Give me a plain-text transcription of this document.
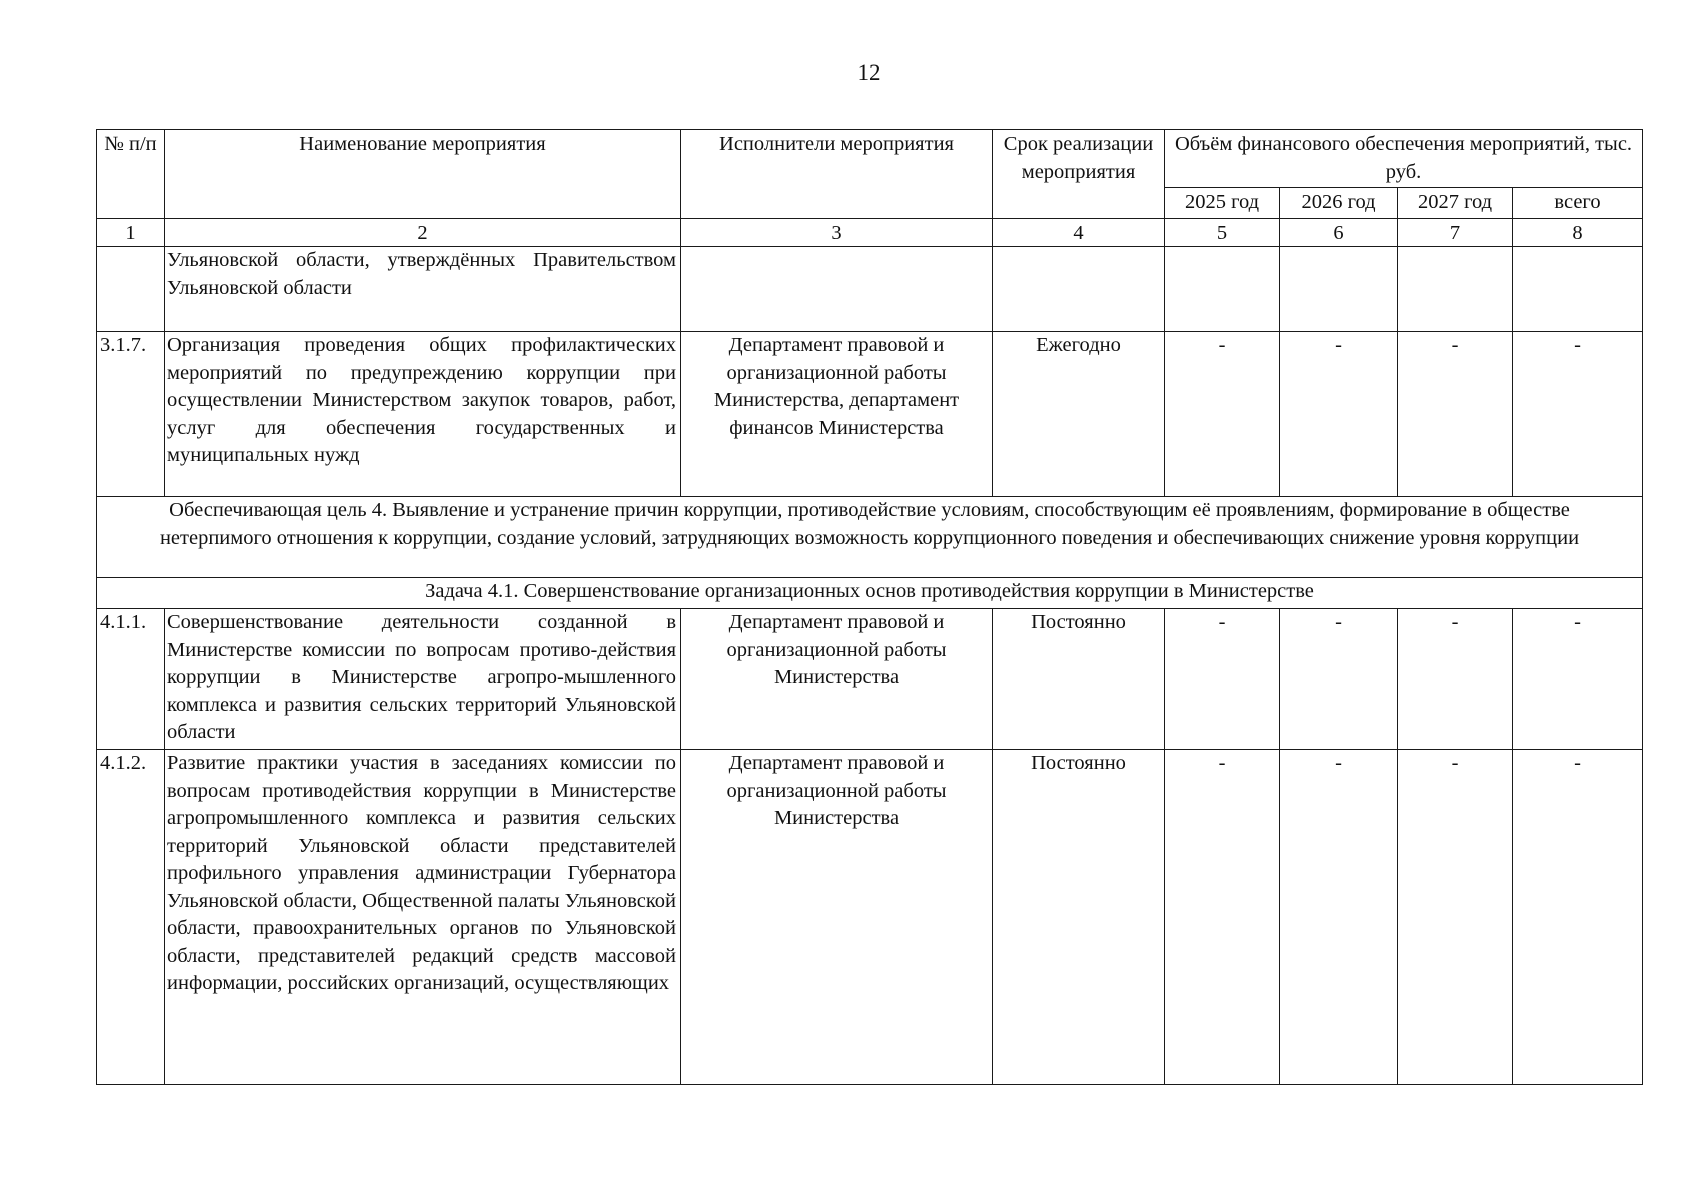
12
№ п/п	Наименование мероприятия	Исполнители мероприятия	Срок реализации мероприятия	Объём финансового обеспечения мероприятий, тыс. руб.			
				2025 год	2026 год	2027 год	всего
1	2	3	4	5	6	7	8
	Ульяновской области, утверждённых Правительством Ульяновской области						
3.1.7.	Организация проведения общих профилактических мероприятий по предупреждению коррупции при осуществлении Министерством закупок товаров, работ, услуг для обеспечения государственных и муниципальных нужд	Департамент правовой и организационной работы Министерства, департамент финансов Министерства	Ежегодно	-	-	-	-
Обеспечивающая цель 4. Выявление и устранение причин коррупции, противодействие условиям, способствующим её проявлениям, формирование в обществе нетерпимого отношения к коррупции, создание условий, затрудняющих возможность коррупционного поведения и обеспечивающих снижение уровня коррупции							
Задача 4.1. Совершенствование организационных основ противодействия коррупции в Министерстве							
4.1.1.	Совершенствование деятельности созданной в Министерстве комиссии по вопросам противо-действия коррупции в Министерстве агропро-мышленного комплекса и развития сельских территорий Ульяновской области	Департамент правовой и организационной работы Министерства	Постоянно	-	-	-	-
4.1.2.	Развитие практики участия в заседаниях комиссии по вопросам противодействия коррупции в Министерстве агропромышленного комплекса и развития сельских территорий Ульяновской области представителей профильного управления администрации Губернатора Ульяновской области, Общественной палаты Ульяновской области, правоохранительных органов по Ульяновской области, представителей редакций средств массовой информации, российских организаций, осуществляющих	Департамент правовой и организационной работы Министерства	Постоянно	-	-	-	-
